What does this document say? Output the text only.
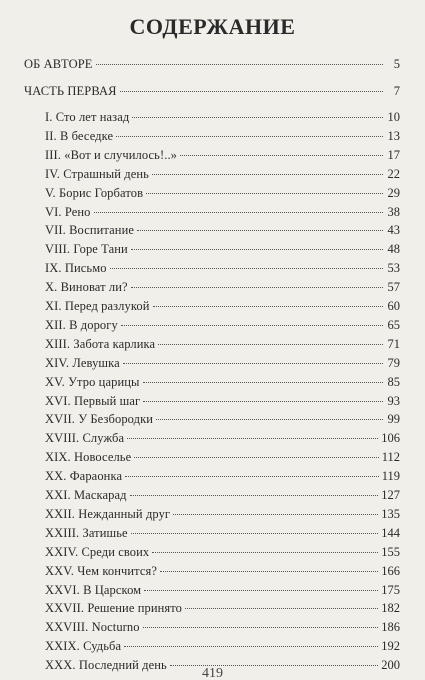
СОДЕРЖАНИЕ
ОБ АВТОРЕ	5
ЧАСТЬ ПЕРВАЯ	7
I. Сто лет назад	10
II. В беседке	13
III. «Вот и случилось!..»	17
IV. Страшный день	22
V. Борис Горбатов	29
VI. Рено	38
VII. Воспитание	43
VIII. Горе Тани	48
IX. Письмо	53
X. Виноват ли?	57
XI. Перед разлукой	60
XII. В дорогу	65
XIII. Забота карлика	71
XIV. Левушка	79
XV. Утро царицы	85
XVI. Первый шаг	93
XVII. У Безбородки	99
XVIII. Служба	106
XIX. Новоселье	112
XX. Фараонка	119
XXI. Маскарад	127
XXII. Нежданный друг	135
XXIII. Затишье	144
XXIV. Среди своих	155
XXV. Чем кончится?	166
XXVI. В Царском	175
XXVII. Решение принято	182
XXVIII. Nocturno	186
XXIX. Судьба	192
XXX. Последний день	200
419
